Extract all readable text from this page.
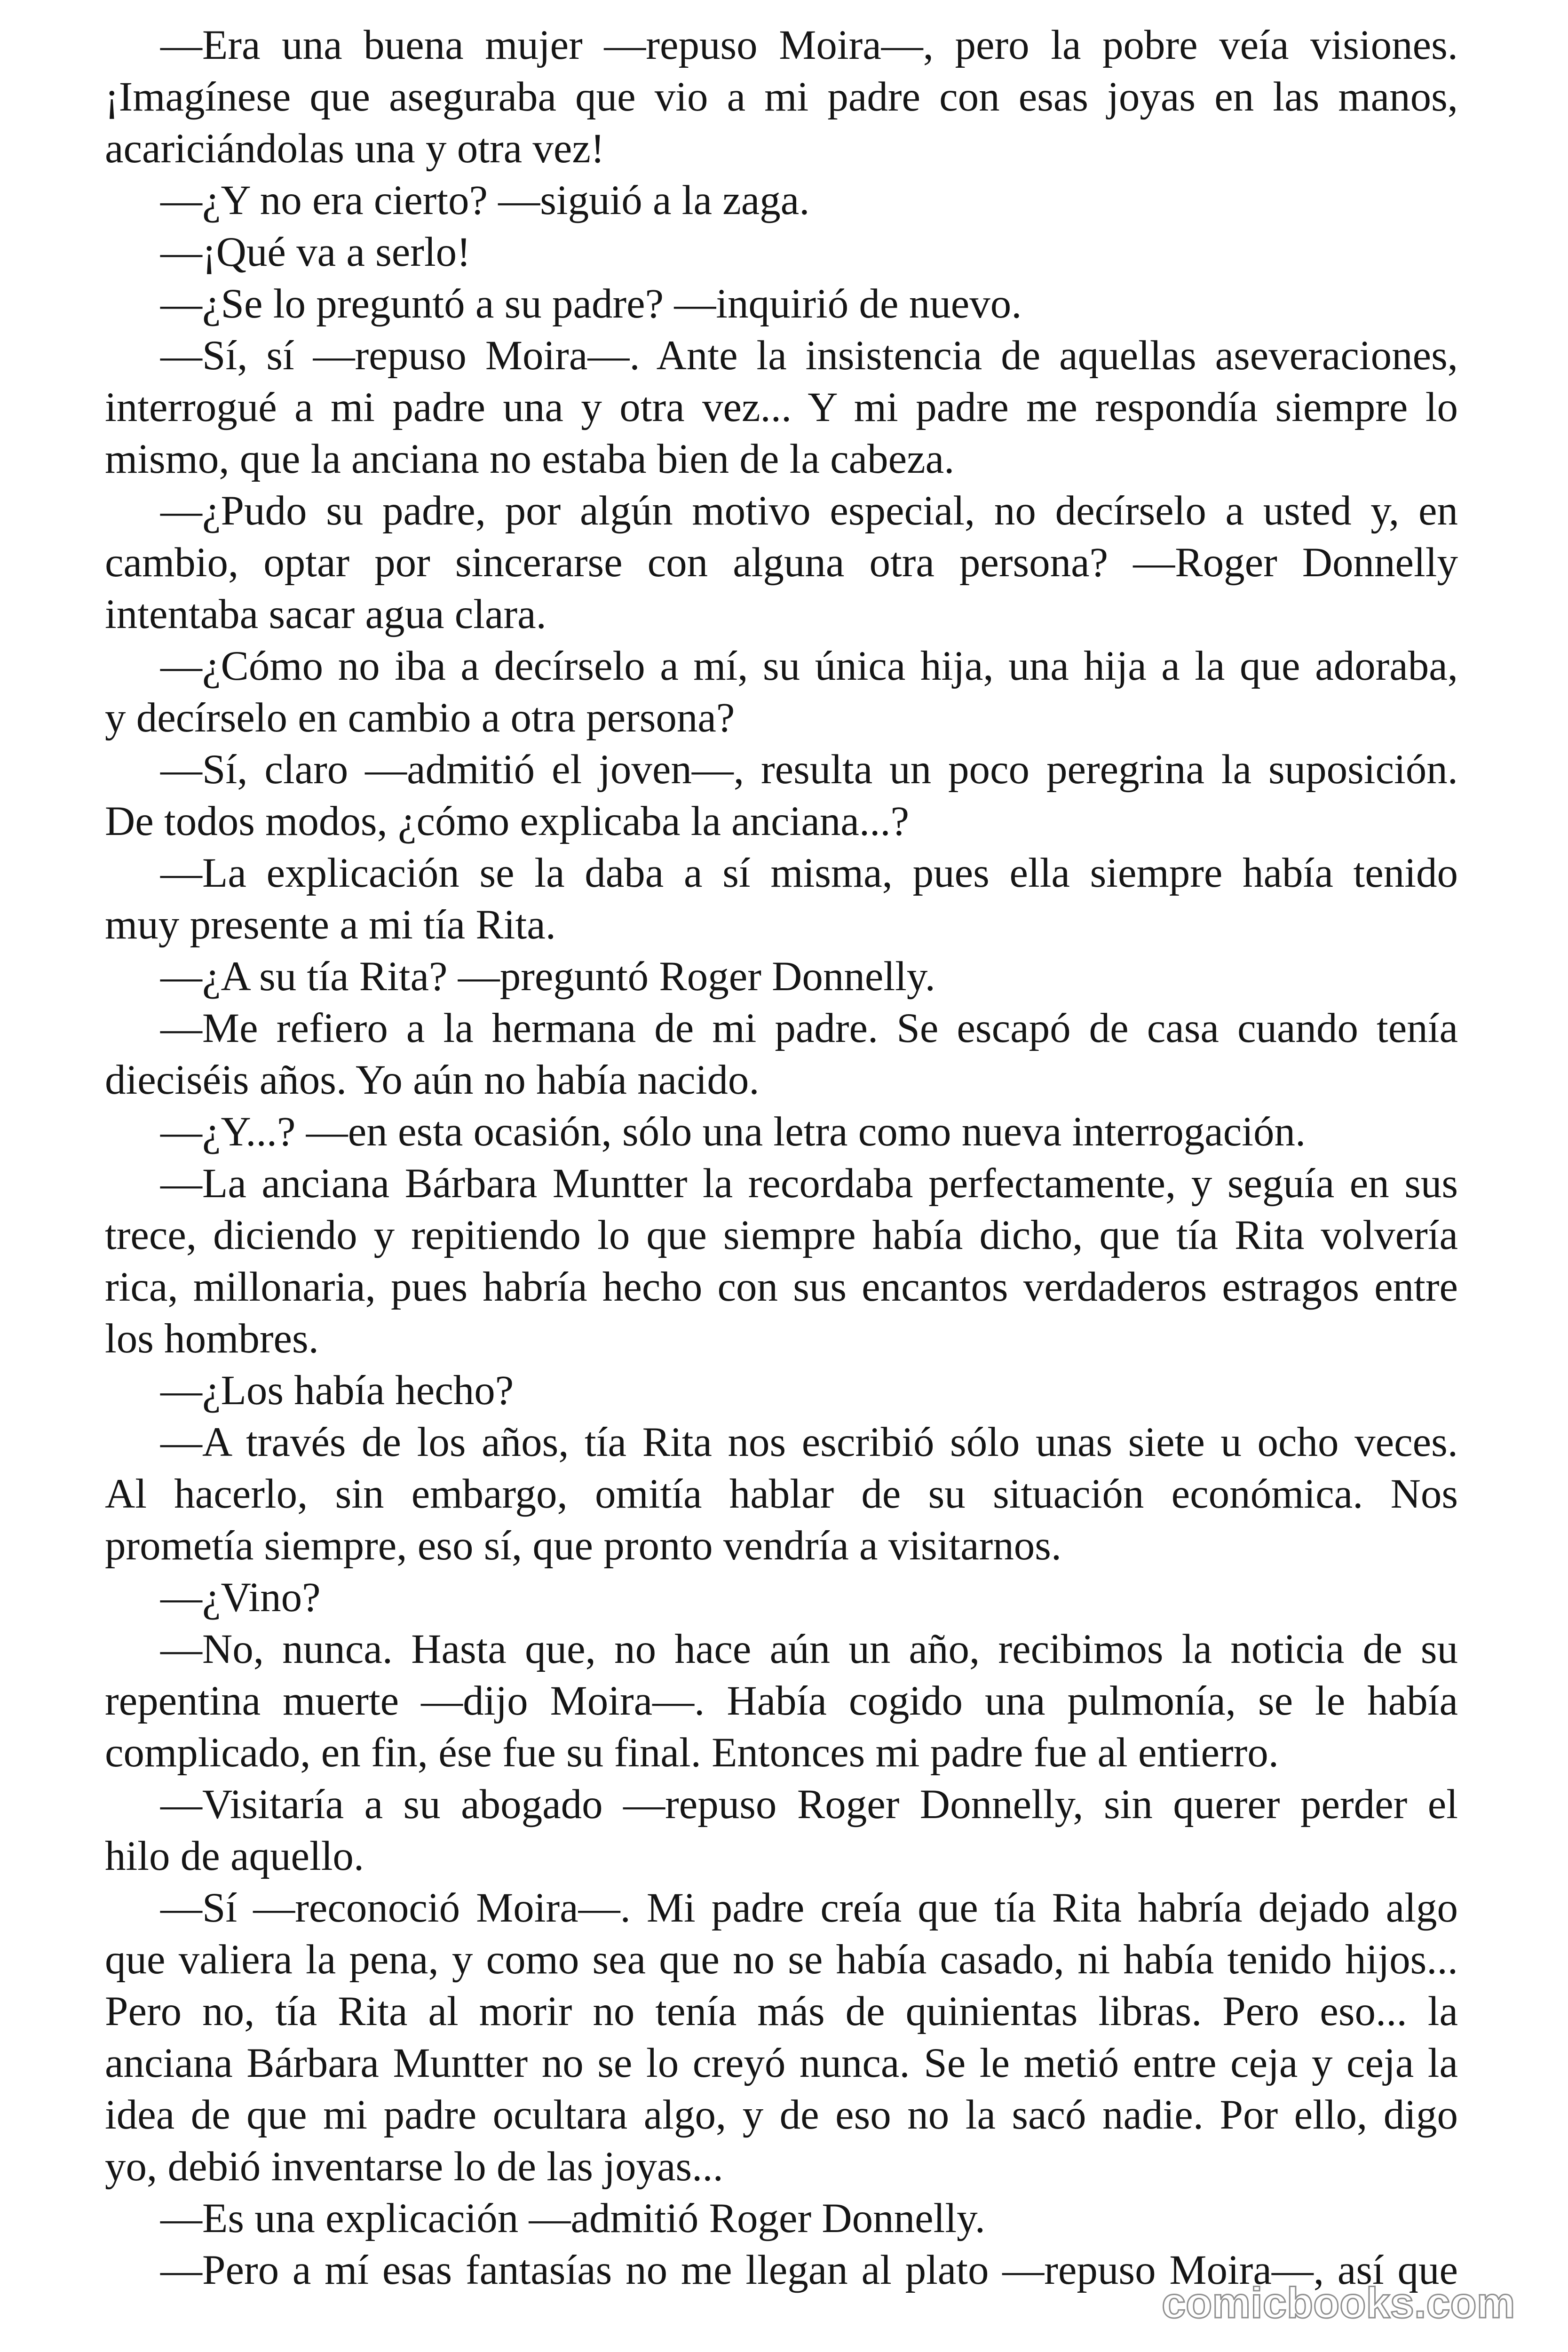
—Era una buena mujer —repuso Moira—, pero la pobre veía visiones.
¡Imagínese que aseguraba que vio a mi padre con esas joyas en las manos,
acariciándolas una y otra vez!

—¿Y no era cierto? —siguió a la zaga.

—¡Qué va a serlo!

—¿Se lo preguntó a su padre? —inquirió de nuevo.

—Sí, sí —repuso Moira—. Ante la insistencia de aquellas aseveraciones,
interrogué a mi padre una y otra vez... Y mi padre me respondía siempre lo
mismo, que la anciana no estaba bien de la cabeza.

—¿Pudo su padre, por algún motivo especial, no decírselo a usted y, en
cambio, optar por sincerarse con alguna otra persona? —Roger Donnelly
intentaba sacar agua clara.

—¿Cómo no iba a decírselo a mí, su única hija, una hija a la que adoraba,
y decírselo en cambio a otra persona?

—Sí, claro —admitió el joven—, resulta un poco peregrina la suposición.
De todos modos, ¿cómo explicaba la anciana...?

—La explicación se la daba a sí misma, pues ella siempre había tenido
muy presente a mi tía Rita.

—¿A su tía Rita? —preguntó Roger Donnelly.

—Me refiero a la hermana de mi padre. Se escapó de casa cuando tenía
dieciséis años. Yo aún no había nacido.

—¿Y...? —en esta ocasión, sólo una letra como nueva interrogación.

—La anciana Bárbara Muntter la recordaba perfectamente, y seguía en sus
trece, diciendo y repitiendo lo que siempre había dicho, que tía Rita volvería
rica, millonaria, pues habría hecho con sus encantos verdaderos estragos entre
los hombres.

—¿Los había hecho?

—A través de los años, tía Rita nos escribió sólo unas siete u ocho veces.
Al hacerlo, sin embargo, omitía hablar de su situación económica. Nos
prometía siempre, eso sí, que pronto vendría a visitarnos.

—¿Vino?

—No, nunca. Hasta que, no hace aún un año, recibimos la noticia de su
repentina muerte —dijo Moira—. Había cogido una pulmonía, se le había
complicado, en fin, ése fue su final. Entonces mi padre fue al entierro.

—Visitaría a su abogado —repuso Roger Donnelly, sin querer perder el
hilo de aquello.

—Sí —reconoció Moira—. Mi padre creía que tía Rita habría dejado algo
que valiera la pena, y como sea que no se había casado, ni había tenido hijos...
Pero no, tía Rita al morir no tenía más de quinientas libras. Pero eso... la
anciana Bárbara Muntter no se lo creyó nunca. Se le metió entre ceja y ceja la
idea de que mi padre ocultara algo, y de eso no la sacó nadie. Por ello, digo
yo, debió inventarse lo de las joyas...

—Es una explicación —admitió Roger Donnelly.

—Pero a mí esas fantasías no me llegan al plato —repuso Moira—, así que

comicbooks.com
